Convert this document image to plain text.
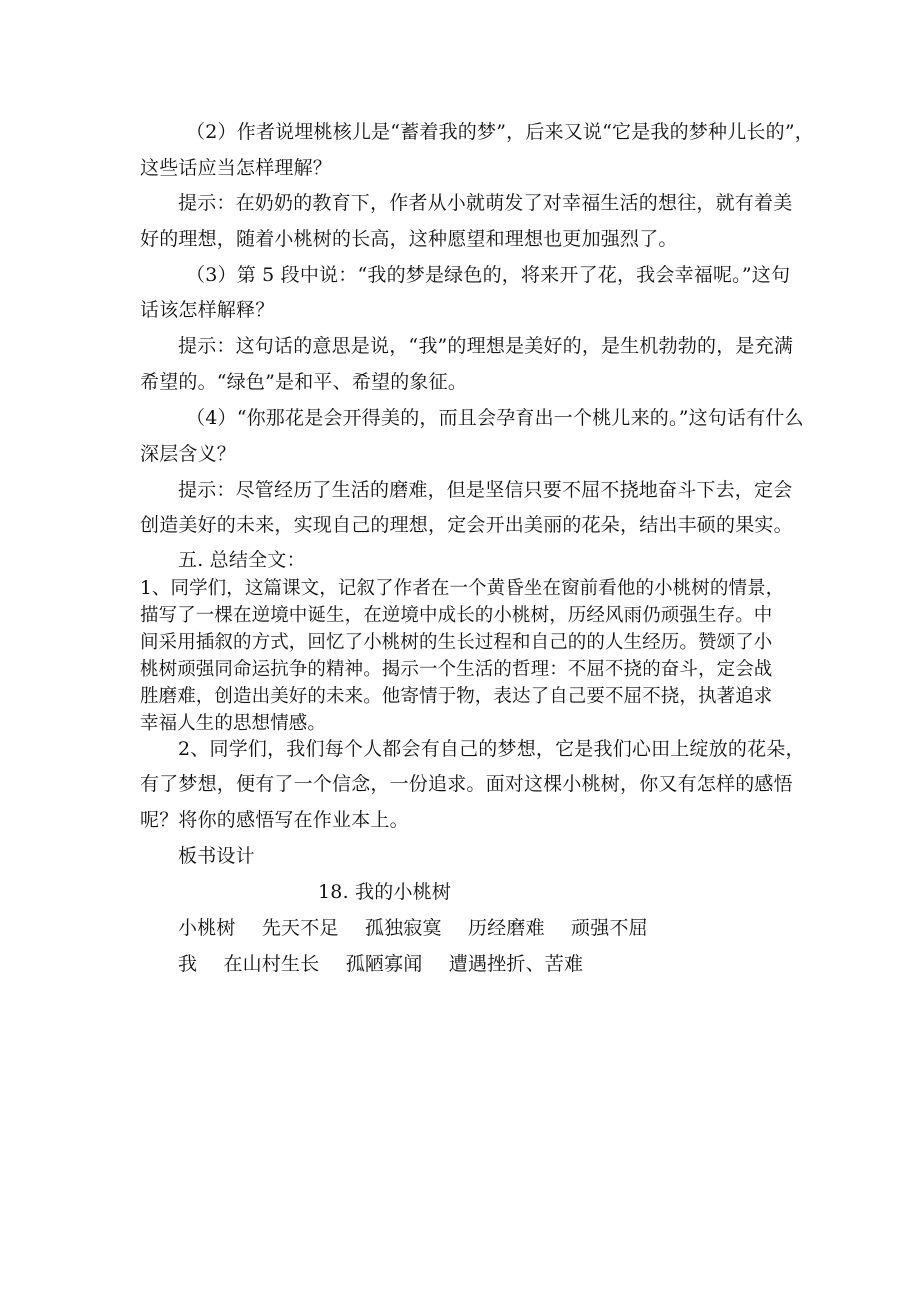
（2）作者说埋桃核儿是“蓄着我的梦”，后来又说“它是我的梦种儿长的”，
这些话应当怎样理解？
提示：在奶奶的教育下，作者从小就萌发了对幸福生活的想往，就有着美
好的理想，随着小桃树的长高，这种愿望和理想也更加强烈了。
（3）第 5 段中说：“我的梦是绿色的，将来开了花，我会幸福呢。”这句
话该怎样解释？
提示：这句话的意思是说，“我”的理想是美好的，是生机勃勃的，是充满
希望的。“绿色”是和平、希望的象征。
（4）“你那花是会开得美的，而且会孕育出一个桃儿来的。”这句话有什么
深层含义？
提示：尽管经历了生活的磨难，但是坚信只要不屈不挠地奋斗下去，定会
创造美好的未来，实现自己的理想，定会开出美丽的花朵，结出丰硕的果实。
五. 总结全文：
1、同学们，这篇课文，记叙了作者在一个黄昏坐在窗前看他的小桃树的情景，
描写了一棵在逆境中诞生，在逆境中成长的小桃树，历经风雨仍顽强生存。中
间采用插叙的方式，回忆了小桃树的生长过程和自己的的人生经历。赞颂了小
桃树顽强同命运抗争的精神。揭示一个生活的哲理：不屈不挠的奋斗，定会战
胜磨难，创造出美好的未来。他寄情于物，表达了自己要不屈不挠，执著追求
幸福人生的思想情感。
2、同学们，我们每个人都会有自己的梦想，它是我们心田上绽放的花朵，
有了梦想，便有了一个信念，一份追求。面对这棵小桃树，你又有怎样的感悟
呢？将你的感悟写在作业本上。
板书设计
18. 我的小桃树
小桃树 先天不足 孤独寂寞 历经磨难 顽强不屈
我 在山村生长 孤陋寡闻 遭遇挫折、苦难
